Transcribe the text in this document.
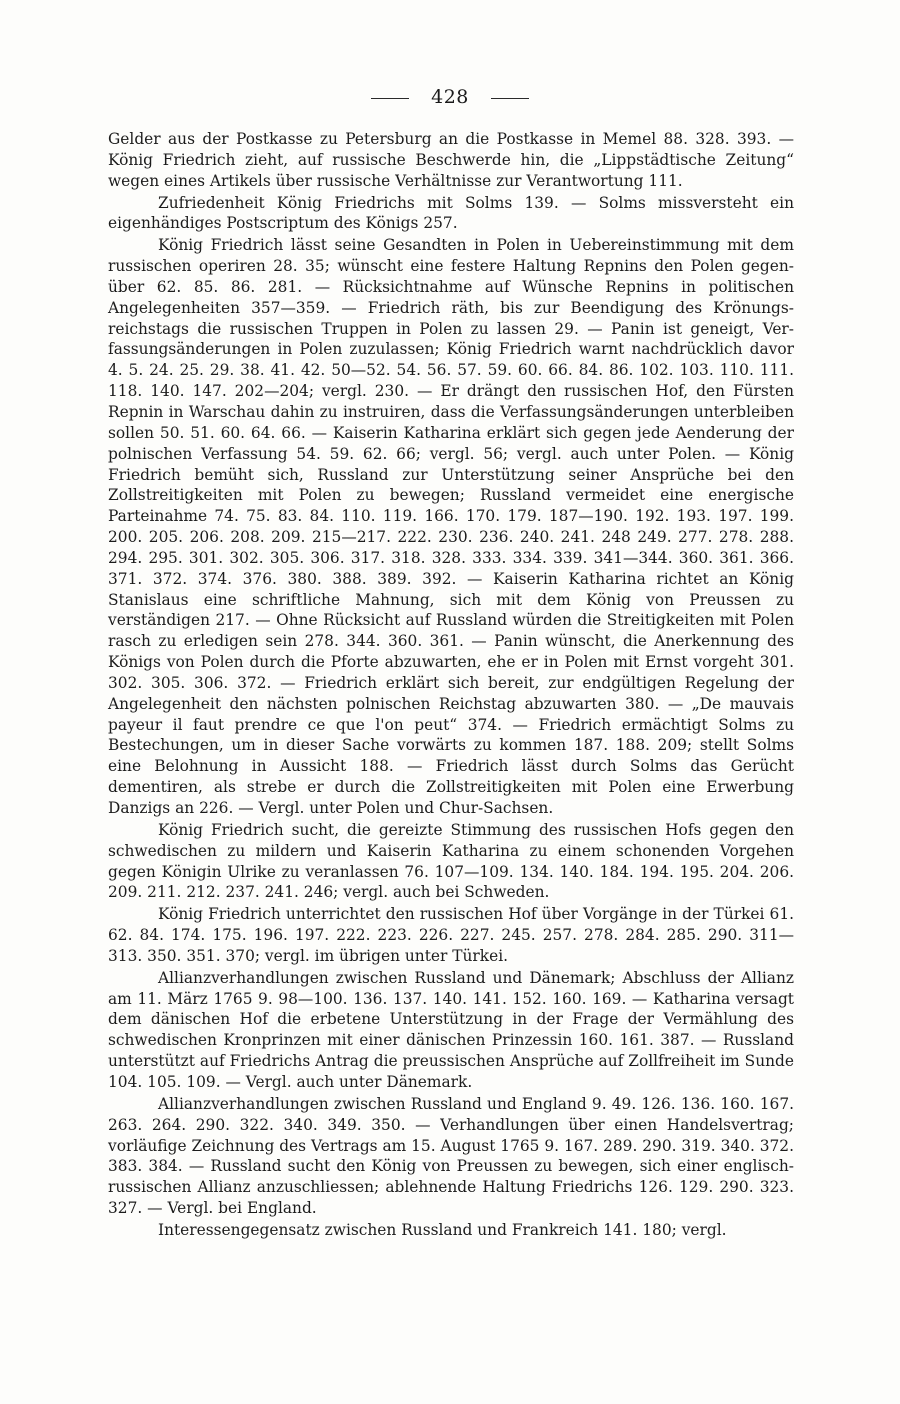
428

Gelder aus der Postkasse zu Petersburg an die Postkasse in Memel 88. 328. 393. — König Friedrich zieht, auf russische Beschwerde hin, die „Lippstädtische Zeitung“ wegen eines Artikels über russische Verhältnisse zur Verantwortung 111.

Zufriedenheit König Friedrichs mit Solms 139. — Solms missversteht ein eigenhändiges Postscriptum des Königs 257.

König Friedrich lässt seine Gesandten in Polen in Uebereinstimmung mit dem russischen operiren 28. 35; wünscht eine festere Haltung Repnins den Polen gegenüber 62. 85. 86. 281. — Rücksichtnahme auf Wünsche Repnins in politischen Angelegenheiten 357—359. — Friedrich räth, bis zur Beendigung des Krönungsreichstags die russischen Truppen in Polen zu lassen 29. — Panin ist geneigt, Verfassungsänderungen in Polen zuzulassen; König Friedrich warnt nachdrücklich davor 4. 5. 24. 25. 29. 38. 41. 42. 50—52. 54. 56. 57. 59. 60. 66. 84. 86. 102. 103. 110. 111. 118. 140. 147. 202—204; vergl. 230. — Er drängt den russischen Hof, den Fürsten Repnin in Warschau dahin zu instruiren, dass die Verfassungsänderungen unterbleiben sollen 50. 51. 60. 64. 66. — Kaiserin Katharina erklärt sich gegen jede Aenderung der polnischen Verfassung 54. 59. 62. 66; vergl. 56; vergl. auch unter Polen. — König Friedrich bemüht sich, Russland zur Unterstützung seiner Ansprüche bei den Zollstreitigkeiten mit Polen zu bewegen; Russland vermeidet eine energische Parteinahme 74. 75. 83. 84. 110. 119. 166. 170. 179. 187—190. 192. 193. 197. 199. 200. 205. 206. 208. 209. 215—217. 222. 230. 236. 240. 241. 248 249. 277. 278. 288. 294. 295. 301. 302. 305. 306. 317. 318. 328. 333. 334. 339. 341—344. 360. 361. 366. 371. 372. 374. 376. 380. 388. 389. 392. — Kaiserin Katharina richtet an König Stanislaus eine schriftliche Mahnung, sich mit dem König von Preussen zu verständigen 217. — Ohne Rücksicht auf Russland würden die Streitigkeiten mit Polen rasch zu erledigen sein 278. 344. 360. 361. — Panin wünscht, die Anerkennung des Königs von Polen durch die Pforte abzuwarten, ehe er in Polen mit Ernst vorgeht 301. 302. 305. 306. 372. — Friedrich erklärt sich bereit, zur endgültigen Regelung der Angelegenheit den nächsten polnischen Reichstag abzuwarten 380. — „De mauvais payeur il faut prendre ce que l'on peut“ 374. — Friedrich ermächtigt Solms zu Bestechungen, um in dieser Sache vorwärts zu kommen 187. 188. 209; stellt Solms eine Belohnung in Aussicht 188. — Friedrich lässt durch Solms das Gerücht dementiren, als strebe er durch die Zollstreitigkeiten mit Polen eine Erwerbung Danzigs an 226. — Vergl. unter Polen und Chur-Sachsen.

König Friedrich sucht, die gereizte Stimmung des russischen Hofs gegen den schwedischen zu mildern und Kaiserin Katharina zu einem schonenden Vorgehen gegen Königin Ulrike zu veranlassen 76. 107—109. 134. 140. 184. 194. 195. 204. 206. 209. 211. 212. 237. 241. 246; vergl. auch bei Schweden.

König Friedrich unterrichtet den russischen Hof über Vorgänge in der Türkei 61. 62. 84. 174. 175. 196. 197. 222. 223. 226. 227. 245. 257. 278. 284. 285. 290. 311—313. 350. 351. 370; vergl. im übrigen unter Türkei.

Allianzverhandlungen zwischen Russland und Dänemark; Abschluss der Allianz am 11. März 1765 9. 98—100. 136. 137. 140. 141. 152. 160. 169. — Katharina versagt dem dänischen Hof die erbetene Unterstützung in der Frage der Vermählung des schwedischen Kronprinzen mit einer dänischen Prinzessin 160. 161. 387. — Russland unterstützt auf Friedrichs Antrag die preussischen Ansprüche auf Zollfreiheit im Sunde 104. 105. 109. — Vergl. auch unter Dänemark.

Allianzverhandlungen zwischen Russland und England 9. 49. 126. 136. 160. 167. 263. 264. 290. 322. 340. 349. 350. — Verhandlungen über einen Handelsvertrag; vorläufige Zeichnung des Vertrags am 15. August 1765 9. 167. 289. 290. 319. 340. 372. 383. 384. — Russland sucht den König von Preussen zu bewegen, sich einer englisch-russischen Allianz anzuschliessen; ablehnende Haltung Friedrichs 126. 129. 290. 323. 327. — Vergl. bei England.

Interessengegensatz zwischen Russland und Frankreich 141. 180; vergl.
